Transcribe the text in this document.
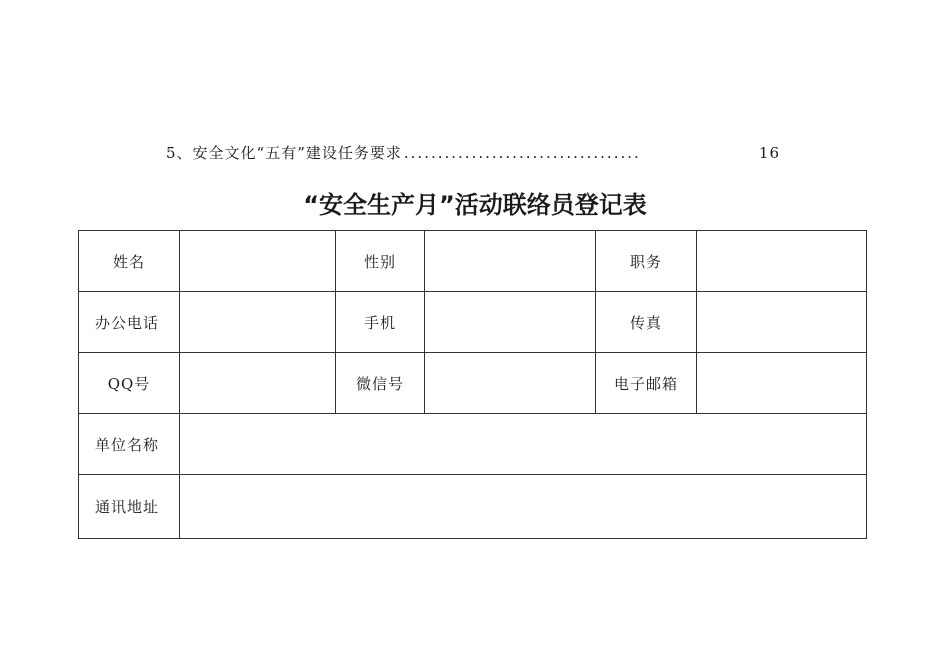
5、安全文化“五有”建设任务要求 ...................................	16
“安全生产月”活动联络员登记表
姓名		性别		职务	
办公电话		手机		传真	
QQ号		微信号		电子邮箱	
单位名称					
通讯地址					
